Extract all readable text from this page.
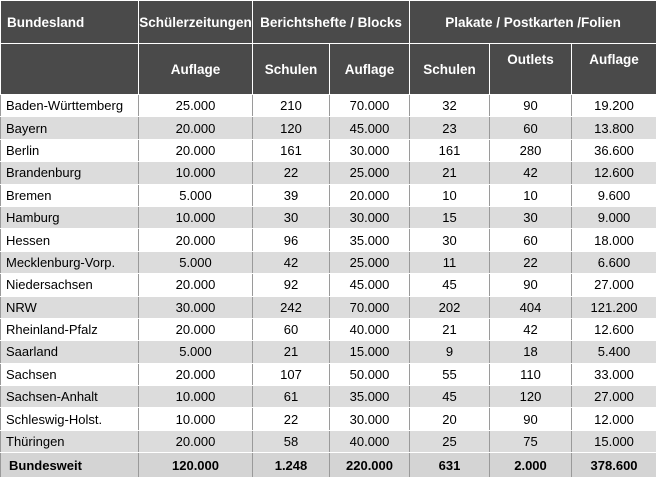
Bundesland	Schülerzeitungen	Berichtshefte / Blocks		Plakate / Postkarten /Folien		
	Auflage	Schulen	Auflage	Schulen	Outlets	Auflage
Baden-Württemberg	25.000	210	70.000	32	90	19.200
Bayern	20.000	120	45.000	23	60	13.800
Berlin	20.000	161	30.000	161	280	36.600
Brandenburg	10.000	22	25.000	21	42	12.600
Bremen	5.000	39	20.000	10	10	9.600
Hamburg	10.000	30	30.000	15	30	9.000
Hessen	20.000	96	35.000	30	60	18.000
Mecklenburg-Vorp.	5.000	42	25.000	11	22	6.600
Niedersachsen	20.000	92	45.000	45	90	27.000
NRW	30.000	242	70.000	202	404	121.200
Rheinland-Pfalz	20.000	60	40.000	21	42	12.600
Saarland	5.000	21	15.000	9	18	5.400
Sachsen	20.000	107	50.000	55	110	33.000
Sachsen-Anhalt	10.000	61	35.000	45	120	27.000
Schleswig-Holst.	10.000	22	30.000	20	90	12.000
Thüringen	20.000	58	40.000	25	75	15.000
Bundesweit	120.000	1.248	220.000	631	2.000	378.600
